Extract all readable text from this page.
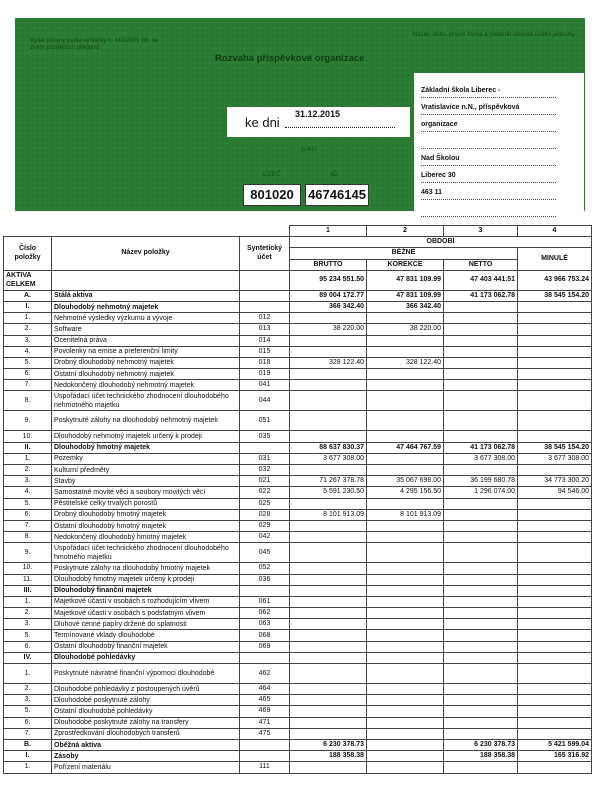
Vydal pokyny podle vyhlášky č. 410/2009 Sb. ve znění pozdějších předpisů
Rozvaha příspěvkové organizace
Název, sídlo, právní forma a předmět činnosti účetní jednotky
ke dni
31.12.2015
(v Kč)
ÚZEČ	IČ
801020	46746145
Základní škola Liberec -
Vratislavice n.N., příspěvková
organizace
Nad Školou
Liberec 30
463 11
			1	2	3	4
Číslo položky	Název položky	Syntetický účet	OBDOBÍ			
			BĚŽNÉ			MINULÉ
			BRUTTO	KOREKCE	NETTO	
AKTIVA CELKEM			95 234 551.50	47 831 109.99	47 403 441.51	43 966 753.24
A.	Stálá aktiva		89 004 172.77	47 831 109.99	41 173 062.78	38 545 154.20
I.	Dlouhodobý nehmotný majetek		366 342.40	366 342.40		
1.	Nehmotné výsledky výzkumu a vývoje	012				
2.	Software	013	38 220.00	38 220.00		
3.	Ocenitelná práva	014				
4.	Povolenky na emise a preferenční limity	015				
5.	Drobný dlouhodobý nehmotný majetek	018	328 122.40	328 122.40		
6.	Ostatní dlouhodobý nehmotný majetek	019				
7.	Nedokončený dlouhodobý nehmotný majetek	041				
8.	Uspořádací účet technického zhodnocení dlouhodobého nehmotného majetku	044				
9.	Poskytnuté zálohy na dlouhodobý nehmotný majetek	051				
10.	Dlouhodobý nehmotný majetek určený k prodeji	035				
II.	Dlouhodobý hmotný majetek		88 637 830.37	47 464 767.59	41 173 062.78	38 545 154.20
1.	Pozemky	031	3 677 308.00		3 677 308.00	3 677 308.00
2.	Kulturní předměty	032				
3.	Stavby	021	71 267 378.78	35 067 698.00	36 199 680.78	34 773 300.20
4.	Samostatné movité věci a soubory movitých věcí	022	5 591 230.50	4 295 156.50	1 296 074.00	94 546.00
5.	Pěstitelské celky trvalých porostů	025				
6.	Drobný dlouhodobý hmotný majetek	028	8 101 913.09	8 101 913.09		
7.	Ostatní dlouhodobý hmotný majetek	029				
8.	Nedokončený dlouhodobý hmotný majetek	042				
9.	Uspořádací účet technického zhodnocení dlouhodobého hmotného majetku	045				
10.	Poskytnuté zálohy na dlouhodobý hmotný majetek	052				
11.	Dlouhodobý hmotný majetek určený k prodeji	036				
III.	Dlouhodobý finanční majetek					
1.	Majetkové účasti v osobách s rozhodujícím vlivem	061				
2.	Majetkové účasti v osobách s podstatným vlivem	062				
3.	Dluhové cenné papíry držené do splatnosti	063				
5.	Termínované vklady dlouhodobé	068				
6.	Ostatní dlouhodobý finanční majetek	069				
IV.	Dlouhodobé pohledávky					
1.	Poskytnuté návratné finanční výpomoci dlouhodobé	462				
2.	Dlouhodobé pohledávky z postoupených úvěrů	464				
3.	Dlouhodobé poskytnuté zálohy	465				
5.	Ostatní dlouhodobé pohledávky	469				
6.	Dlouhodobé poskytnuté zálohy na transfery	471				
7.	Zprostředkování dlouhodobých transferů	475				
B.	Oběžná aktiva		6 230 378.73		6 230 378.73	5 421 599.04
I.	Zásoby		188 358.38		188 358.38	165 316.92
1.	Pořízení materiálu	111				
